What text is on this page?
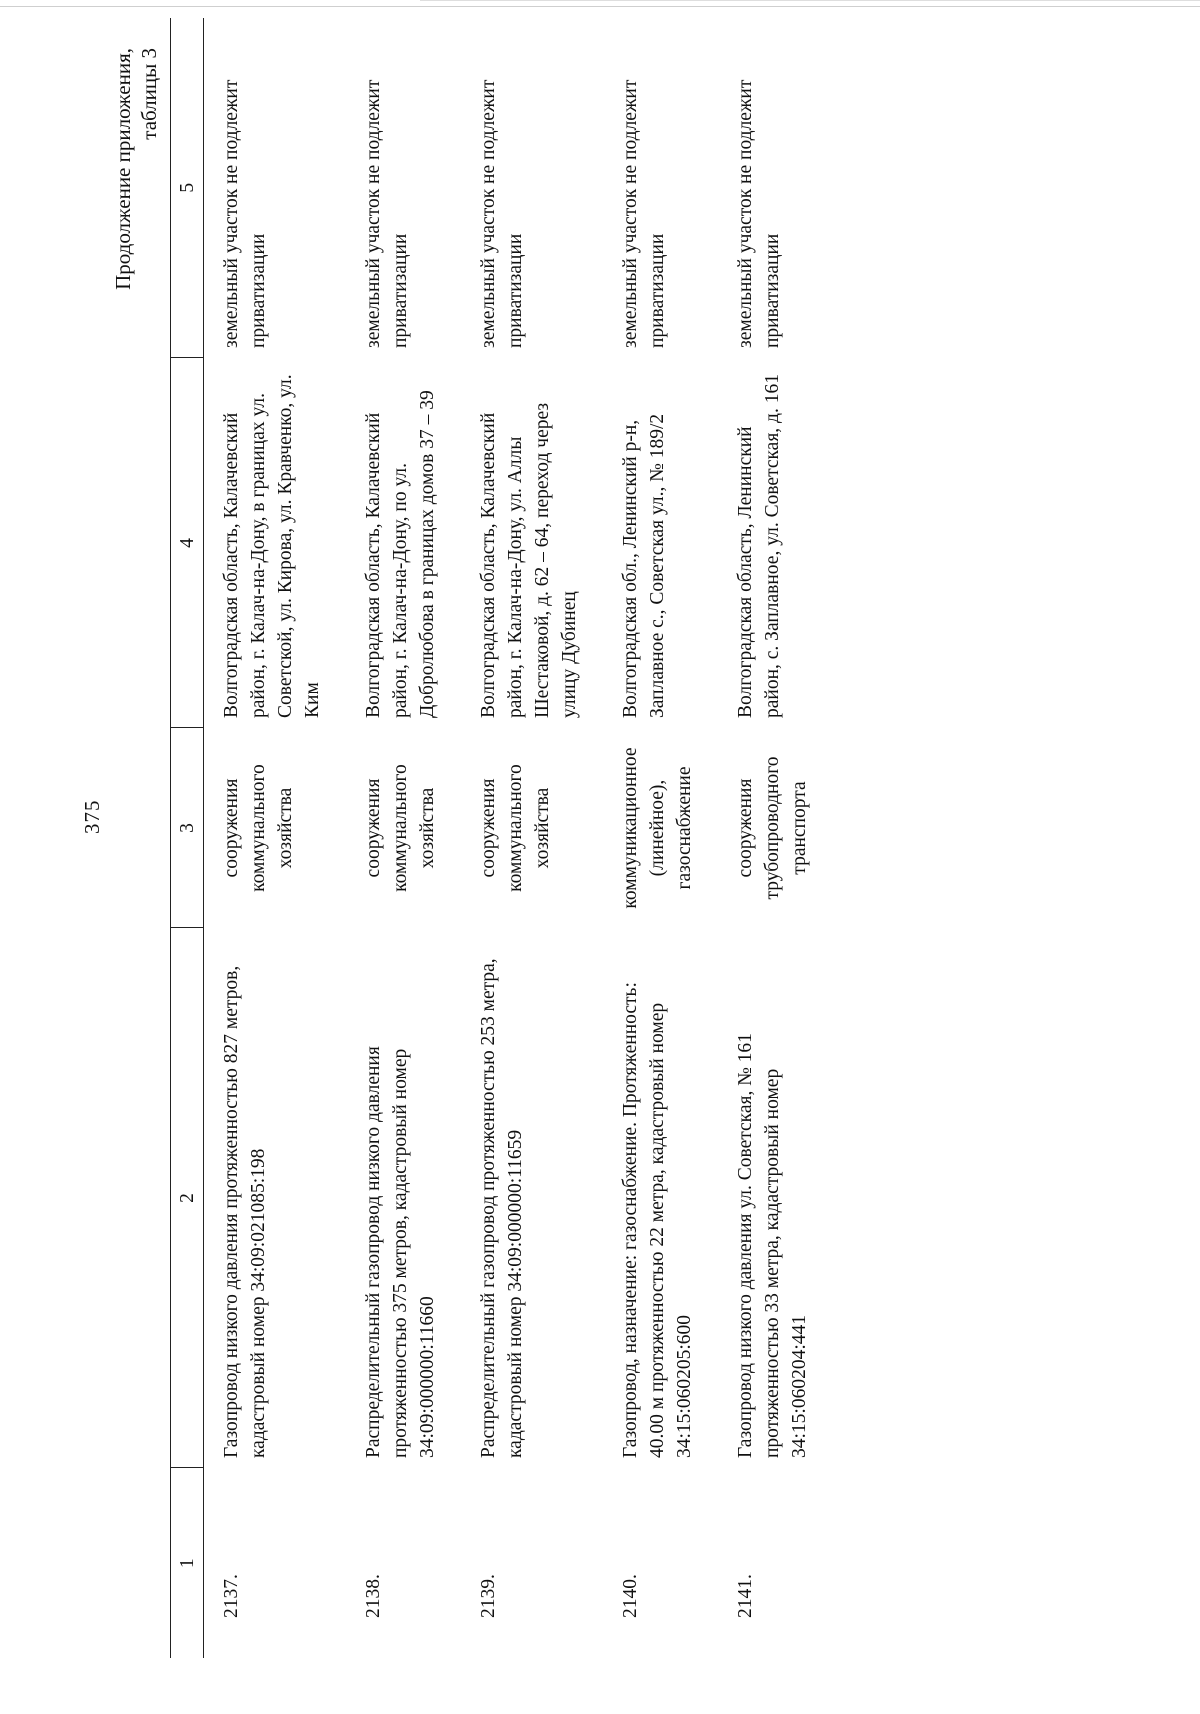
375
Продолжение приложения, таблицы 3
1	2	3	4	5
2137.	Газопровод низкого давления протяженностью 827 метров, кадастровый номер 34:09:021085:198	сооружения коммунального хозяйства	Волгоградская область, Калачевский район, г. Калач-на-Дону, в границах ул. Советской, ул. Кирова, ул. Кравченко, ул. Ким	земельный участок не подлежит приватизации
2138.	Распределительный газопровод низкого давления протяженностью 375 метров, кадастровый номер 34:09:000000:11660	сооружения коммунального хозяйства	Волгоградская область, Калачевский район, г. Калач-на-Дону, по ул. Добролюбова в границах домов 37 – 39	земельный участок не подлежит приватизации
2139.	Распределительный газопровод протяженностью 253 метра, кадастровый номер 34:09:000000:11659	сооружения коммунального хозяйства	Волгоградская область, Калачевский район, г. Калач-на-Дону, ул. Аллы Шестаковой, д. 62 – 64, переход через улицу Дубинец	земельный участок не подлежит приватизации
2140.	Газопровод, назначение: газоснабжение. Протяженность: 40.00 м протяженностью 22 метра, кадастровый номер 34:15:060205:600	коммуникационное (линейное), газоснабжение	Волгоградская обл., Ленинский р-н, Заплавное с., Советская ул., № 189/2	земельный участок не подлежит приватизации
2141.	Газопровод низкого давления ул. Советская, № 161 протяженностью 33 метра, кадастровый номер 34:15:060204:441	сооружения трубопроводного транспорта	Волгоградская область, Ленинский район, с. Заплавное, ул. Советская, д. 161	земельный участок не подлежит приватизации
